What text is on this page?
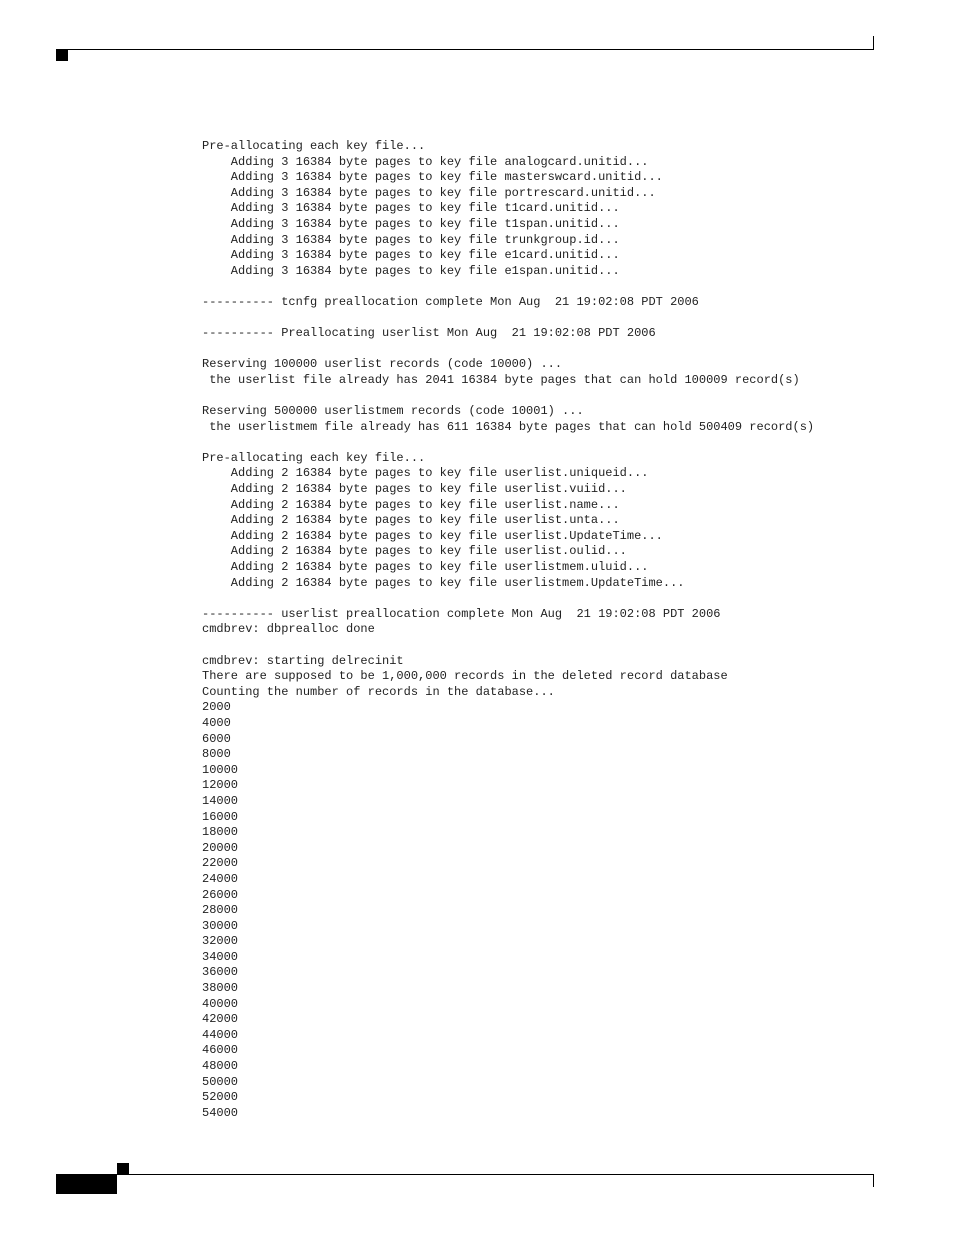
Pre-allocating each key file...
Adding 3 16384 byte pages to key file analogcard.unitid...
Adding 3 16384 byte pages to key file masterswcard.unitid...
Adding 3 16384 byte pages to key file portrescard.unitid...
Adding 3 16384 byte pages to key file t1card.unitid...
Adding 3 16384 byte pages to key file t1span.unitid...
Adding 3 16384 byte pages to key file trunkgroup.id...
Adding 3 16384 byte pages to key file e1card.unitid...
Adding 3 16384 byte pages to key file e1span.unitid...
---------- tcnfg preallocation complete Mon Aug  21 19:02:08 PDT 2006
---------- Preallocating userlist Mon Aug  21 19:02:08 PDT 2006
Reserving 100000 userlist records (code 10000) ...
the userlist file already has 2041 16384 byte pages that can hold 100009 record(s)
Reserving 500000 userlistmem records (code 10001) ...
the userlistmem file already has 611 16384 byte pages that can hold 500409 record(s)
Pre-allocating each key file...
Adding 2 16384 byte pages to key file userlist.uniqueid...
Adding 2 16384 byte pages to key file userlist.vuiid...
Adding 2 16384 byte pages to key file userlist.name...
Adding 2 16384 byte pages to key file userlist.unta...
Adding 2 16384 byte pages to key file userlist.UpdateTime...
Adding 2 16384 byte pages to key file userlist.oulid...
Adding 2 16384 byte pages to key file userlistmem.uluid...
Adding 2 16384 byte pages to key file userlistmem.UpdateTime...
---------- userlist preallocation complete Mon Aug  21 19:02:08 PDT 2006
cmdbrev: dbprealloc done
cmdbrev: starting delrecinit
There are supposed to be 1,000,000 records in the deleted record database
Counting the number of records in the database...
2000
4000
6000
8000
10000
12000
14000
16000
18000
20000
22000
24000
26000
28000
30000
32000
34000
36000
38000
40000
42000
44000
46000
48000
50000
52000
54000
